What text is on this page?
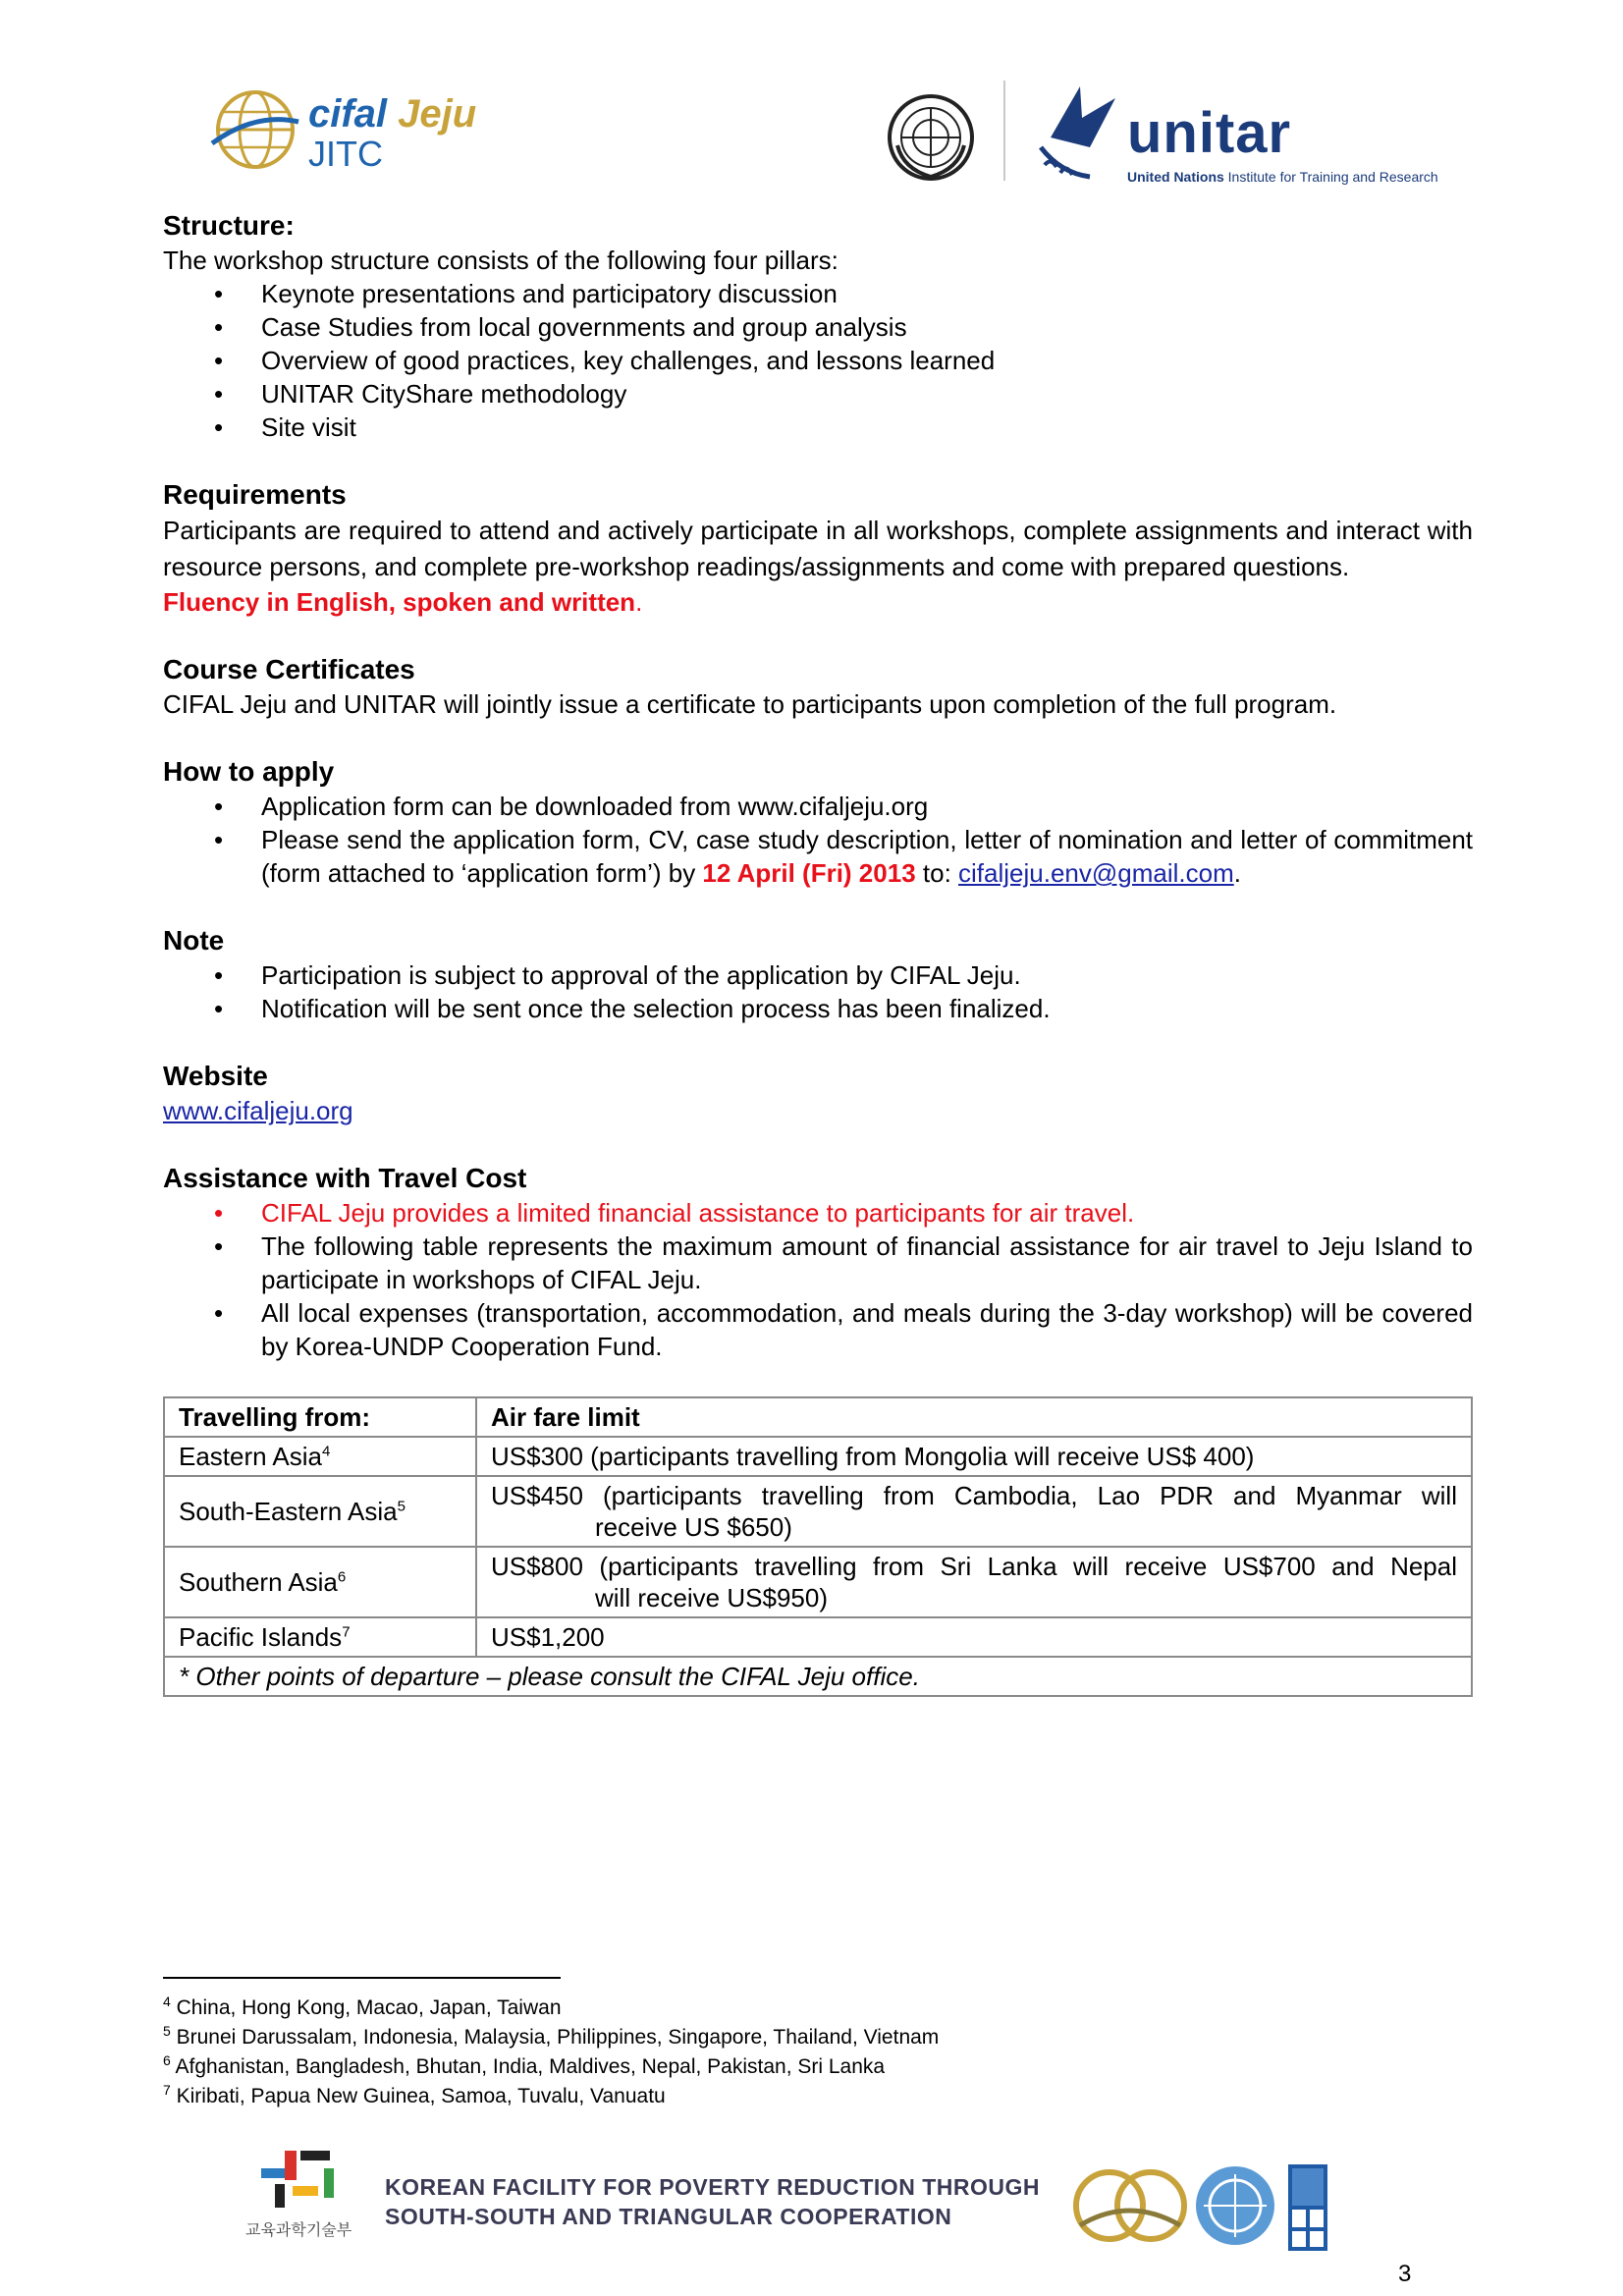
cifal Jeju
JITC	unitar
United Nations Institute for Training and Research
Structure:

The workshop structure consists of the following four pillars:

• Keynote presentations and participatory discussion
• Case Studies from local governments and group analysis
• Overview of good practices, key challenges, and lessons learned
• UNITAR CityShare methodology
• Site visit
Requirements

Participants are required to attend and actively participate in all workshops, complete assignments and interact with resource persons, and complete pre-workshop readings/assignments and come with prepared questions.

Fluency in English, spoken and written.

Course Certificates

CIFAL Jeju and UNITAR will jointly issue a certificate to participants upon completion of the full program.

How to apply
• Application form can be downloaded from www.cifaljeju.org
• Please send the application form, CV, case study description, letter of nomination and letter of commitment (form attached to ‘application form’) by 12 April (Fri) 2013 to: cifaljeju.env@gmail.com.
Note
• Participation is subject to approval of the application by CIFAL Jeju.
• Notification will be sent once the selection process has been finalized.
Website

www.cifaljeju.org

Assistance with Travel Cost
• CIFAL Jeju provides a limited financial assistance to participants for air travel.
• The following table represents the maximum amount of financial assistance for air travel to Jeju Island to participate in workshops of CIFAL Jeju.
• All local expenses (transportation, accommodation, and meals during the 3-day workshop) will be covered by Korea-UNDP Cooperation Fund.
Travelling from:	Air fare limit
Eastern Asia$^4$	US$300 (participants travelling from Mongolia will receive US$ 400)
South-Eastern Asia$^5$	US$450 (participants travelling from Cambodia, Lao PDR and Myanmar will
receive US $650)

Southern Asia$^6$	US$800 (participants travelling from Sri Lanka will receive US$700 and Nepal
will receive US$950)

Pacific Islands$^7$	US$1,200
* Other points of departure – please consult the CIFAL Jeju office.	
$^4$ China, Hong Kong, Macao, Japan, Taiwan
$^5$ Brunei Darussalam, Indonesia, Malaysia, Philippines, Singapore, Thailand, Vietnam
$^6$ Afghanistan, Bangladesh, Bhutan, India, Maldives, Nepal, Pakistan, Sri Lanka
$^7$ Kiribati, Papua New Guinea, Samoa, Tuvalu, Vanuatu
교육과학기술부
KOREAN FACILITY FOR POVERTY REDUCTION THROUGH
SOUTH-SOUTH AND TRIANGULAR COOPERATION
3
